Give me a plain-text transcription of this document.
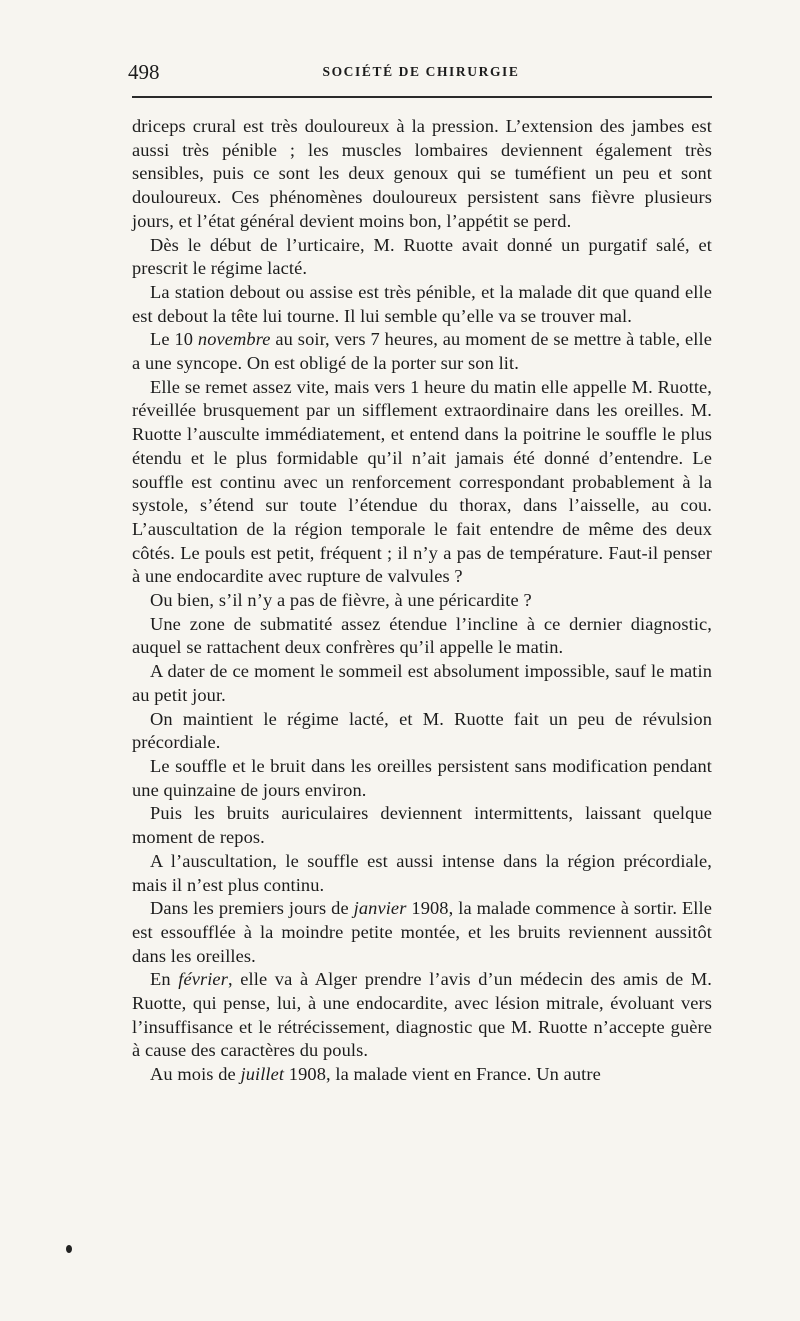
498	SOCIÉTÉ DE CHIRURGIE

driceps crural est très douloureux à la pression. L’extension des jambes est aussi très pénible ; les muscles lombaires deviennent également très sensibles, puis ce sont les deux genoux qui se tuméfient un peu et sont douloureux. Ces phénomènes douloureux persistent sans fièvre plusieurs jours, et l’état général devient moins bon, l’appétit se perd.

Dès le début de l’urticaire, M. Ruotte avait donné un purgatif salé, et prescrit le régime lacté.

La station debout ou assise est très pénible, et la malade dit que quand elle est debout la tête lui tourne. Il lui semble qu’elle va se trouver mal.

Le 10 novembre au soir, vers 7 heures, au moment de se mettre à table, elle a une syncope. On est obligé de la porter sur son lit.

Elle se remet assez vite, mais vers 1 heure du matin elle appelle M. Ruotte, réveillée brusquement par un sifflement extraordinaire dans les oreilles. M. Ruotte l’ausculte immédiatement, et entend dans la poitrine le souffle le plus étendu et le plus formidable qu’il n’ait jamais été donné d’entendre. Le souffle est continu avec un renforcement correspondant probablement à la systole, s’étend sur toute l’étendue du thorax, dans l’aisselle, au cou. L’auscultation de la région temporale le fait entendre de même des deux côtés. Le pouls est petit, fréquent ; il n’y a pas de température. Faut-il penser à une endocardite avec rupture de valvules ?

Ou bien, s’il n’y a pas de fièvre, à une péricardite ?

Une zone de submatité assez étendue l’incline à ce dernier diagnostic, auquel se rattachent deux confrères qu’il appelle le matin.

A dater de ce moment le sommeil est absolument impossible, sauf le matin au petit jour.

On maintient le régime lacté, et M. Ruotte fait un peu de révulsion précordiale.

Le souffle et le bruit dans les oreilles persistent sans modification pendant une quinzaine de jours environ.

Puis les bruits auriculaires deviennent intermittents, laissant quelque moment de repos.

A l’auscultation, le souffle est aussi intense dans la région précordiale, mais il n’est plus continu.

Dans les premiers jours de janvier 1908, la malade commence à sortir. Elle est essoufflée à la moindre petite montée, et les bruits reviennent aussitôt dans les oreilles.

En février, elle va à Alger prendre l’avis d’un médecin des amis de M. Ruotte, qui pense, lui, à une endocardite, avec lésion mitrale, évoluant vers l’insuffisance et le rétrécissement, diagnostic que M. Ruotte n’accepte guère à cause des caractères du pouls.

Au mois de juillet 1908, la malade vient en France. Un autre
